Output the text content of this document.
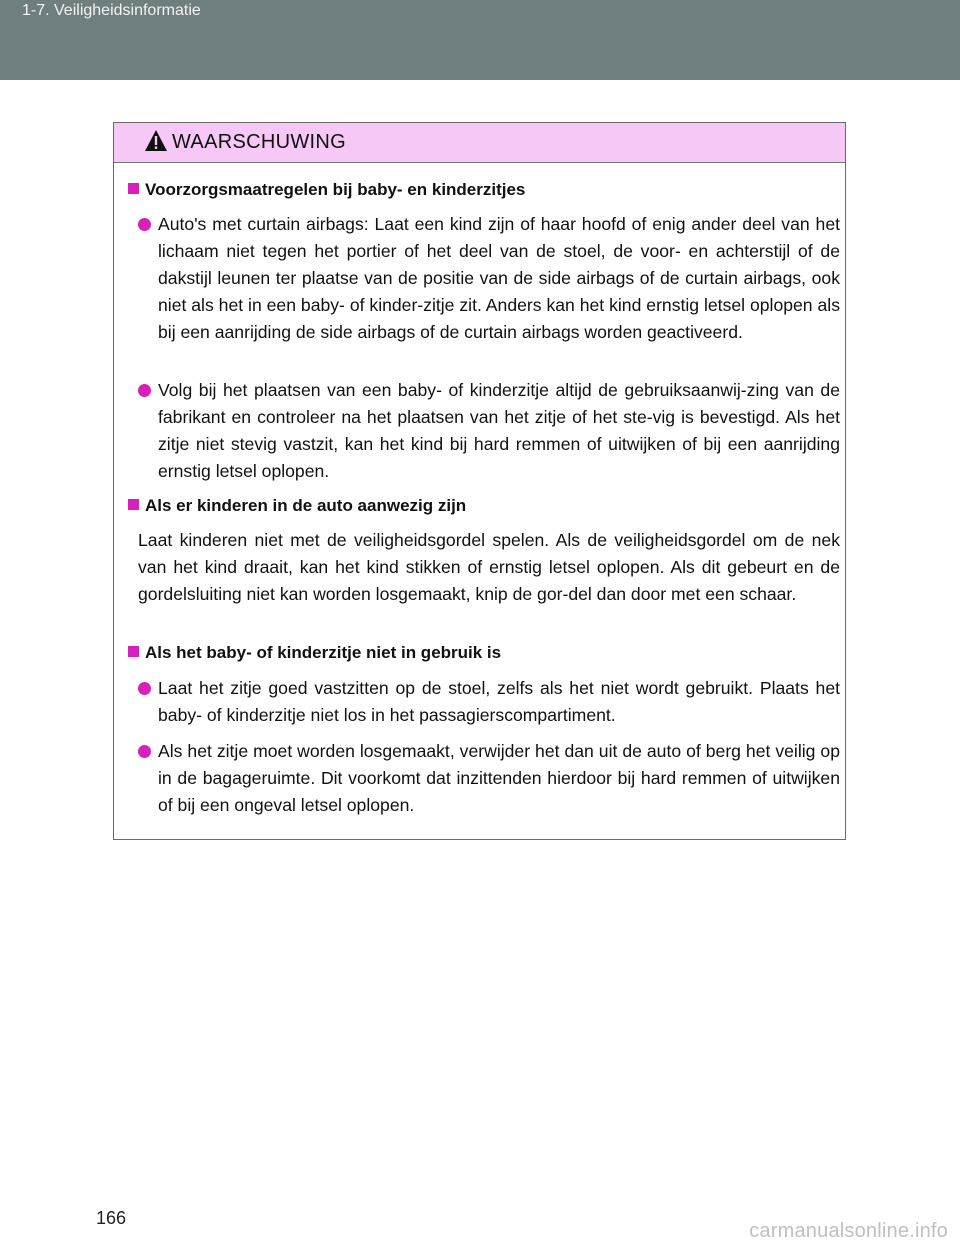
1-7. Veiligheidsinformatie
WAARSCHUWING
Voorzorgsmaatregelen bij baby- en kinderzitjes
Auto's met curtain airbags: Laat een kind zijn of haar hoofd of enig ander deel van het lichaam niet tegen het portier of het deel van de stoel, de voor- en achterstijl of de dakstijl leunen ter plaatse van de positie van de side airbags of de curtain airbags, ook niet als het in een baby- of kinder-zitje zit. Anders kan het kind ernstig letsel oplopen als bij een aanrijding de side airbags of de curtain airbags worden geactiveerd.
Volg bij het plaatsen van een baby- of kinderzitje altijd de gebruiksaanwij-zing van de fabrikant en controleer na het plaatsen van het zitje of het ste-vig is bevestigd. Als het zitje niet stevig vastzit, kan het kind bij hard remmen of uitwijken of bij een aanrijding ernstig letsel oplopen.
Als er kinderen in de auto aanwezig zijn
Laat kinderen niet met de veiligheidsgordel spelen. Als de veiligheidsgordel om de nek van het kind draait, kan het kind stikken of ernstig letsel oplopen. Als dit gebeurt en de gordelsluiting niet kan worden losgemaakt, knip de gor-del dan door met een schaar.
Als het baby- of kinderzitje niet in gebruik is
Laat het zitje goed vastzitten op de stoel, zelfs als het niet wordt gebruikt. Plaats het baby- of kinderzitje niet los in het passagierscompartiment.
Als het zitje moet worden losgemaakt, verwijder het dan uit de auto of berg het veilig op in de bagageruimte. Dit voorkomt dat inzittenden hierdoor bij hard remmen of uitwijken of bij een ongeval letsel oplopen.
166
carmanualsonline.info
